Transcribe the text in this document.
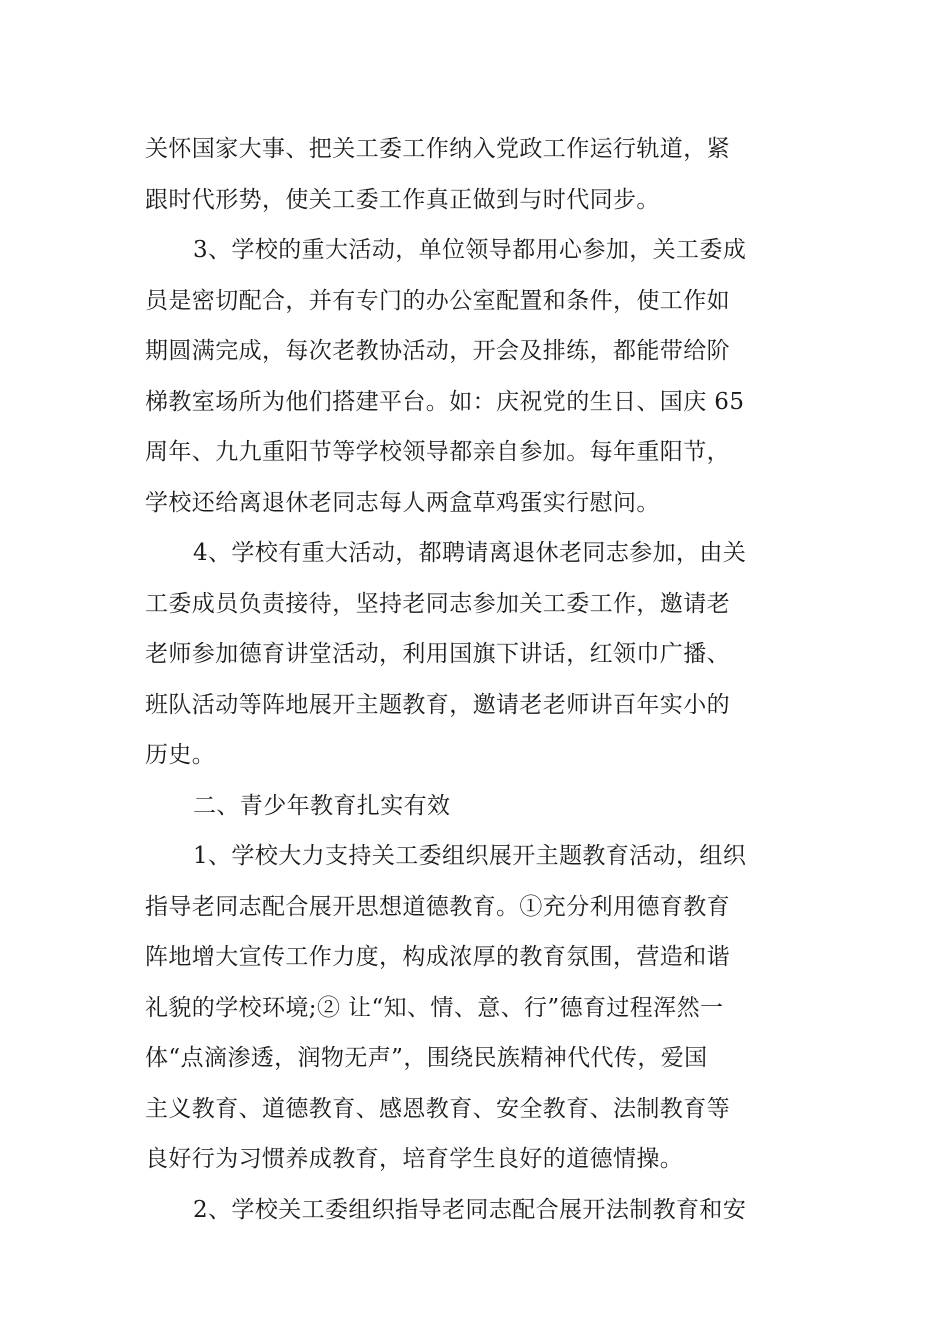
关怀国家大事、把关工委工作纳入党政工作运行轨道，紧
跟时代形势，使关工委工作真正做到与时代同步。
3、学校的重大活动，单位领导都用心参加，关工委成
员是密切配合，并有专门的办公室配置和条件，使工作如
期圆满完成，每次老教协活动，开会及排练，都能带给阶
梯教室场所为他们搭建平台。如：庆祝党的生日、国庆 65
周年、九九重阳节等学校领导都亲自参加。每年重阳节，
学校还给离退休老同志每人两盒草鸡蛋实行慰问。
4、学校有重大活动，都聘请离退休老同志参加，由关
工委成员负责接待，坚持老同志参加关工委工作，邀请老
老师参加德育讲堂活动，利用国旗下讲话，红领巾广播、
班队活动等阵地展开主题教育，邀请老老师讲百年实小的
历史。
二、青少年教育扎实有效
1、学校大力支持关工委组织展开主题教育活动，组织
指导老同志配合展开思想道德教育。①充分利用德育教育
阵地增大宣传工作力度，构成浓厚的教育氛围，营造和谐
礼貌的学校环境;② 让“知、情、意、行”德育过程浑然一
体“点滴渗透，润物无声”，围绕民族精神代代传，爱国
主义教育、道德教育、感恩教育、安全教育、法制教育等
良好行为习惯养成教育，培育学生良好的道德情操。
2、学校关工委组织指导老同志配合展开法制教育和安
